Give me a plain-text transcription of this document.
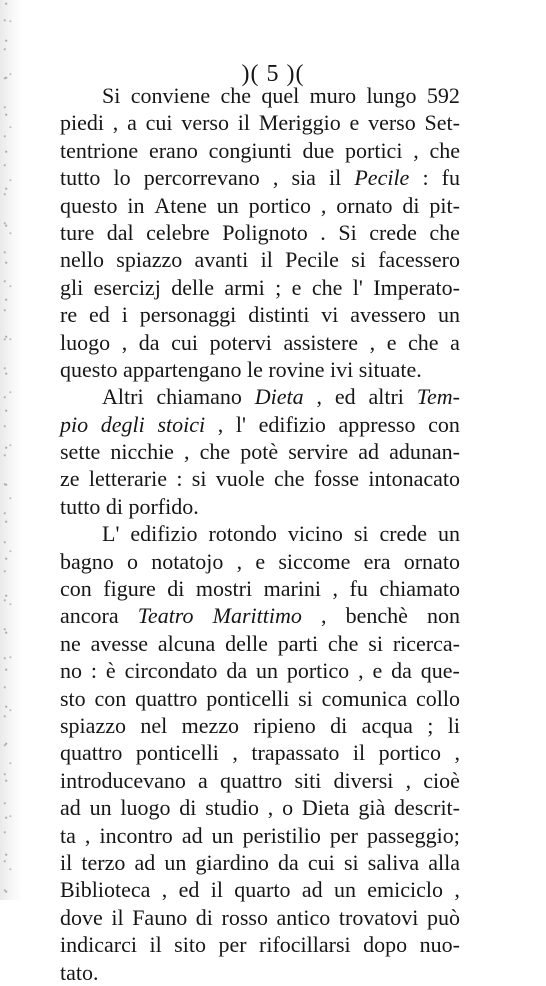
)( 5 )(
Si conviene che quel muro lungo 592
piedi , a cui verso il Meriggio e verso Set-
tentrione erano congiunti due portici , che
tutto lo percorrevano , sia il Pecile : fu
questo in Atene un portico , ornato di pit-
ture dal celebre Polignoto . Si crede che
nello spiazzo avanti il Pecile si facessero
gli esercizj delle armi ; e che l' Imperato-
re ed i personaggi distinti vi avessero un
luogo , da cui potervi assistere , e che a
questo appartengano le rovine ivi situate.
Altri chiamano Dieta , ed altri Tem-
pio degli stoici , l' edifizio appresso con
sette nicchie , che potè servire ad adunan-
ze letterarie : si vuole che fosse intonacato
tutto di porfido.
L' edifizio rotondo vicino si crede un
bagno o notatojo , e siccome era ornato
con figure di mostri marini , fu chiamato
ancora Teatro Marittimo , benchè non
ne avesse alcuna delle parti che si ricerca-
no : è circondato da un portico , e da que-
sto con quattro ponticelli si comunica collo
spiazzo nel mezzo ripieno di acqua ; li
quattro ponticelli , trapassato il portico ,
introducevano a quattro siti diversi , cioè
ad un luogo di studio , o Dieta già descrit-
ta , incontro ad un peristilio per passeggio;
il terzo ad un giardino da cui si saliva alla
Biblioteca , ed il quarto ad un emiciclo ,
dove il Fauno di rosso antico trovatovi può
indicarci il sito per rifocillarsi dopo nuo-
tato.
